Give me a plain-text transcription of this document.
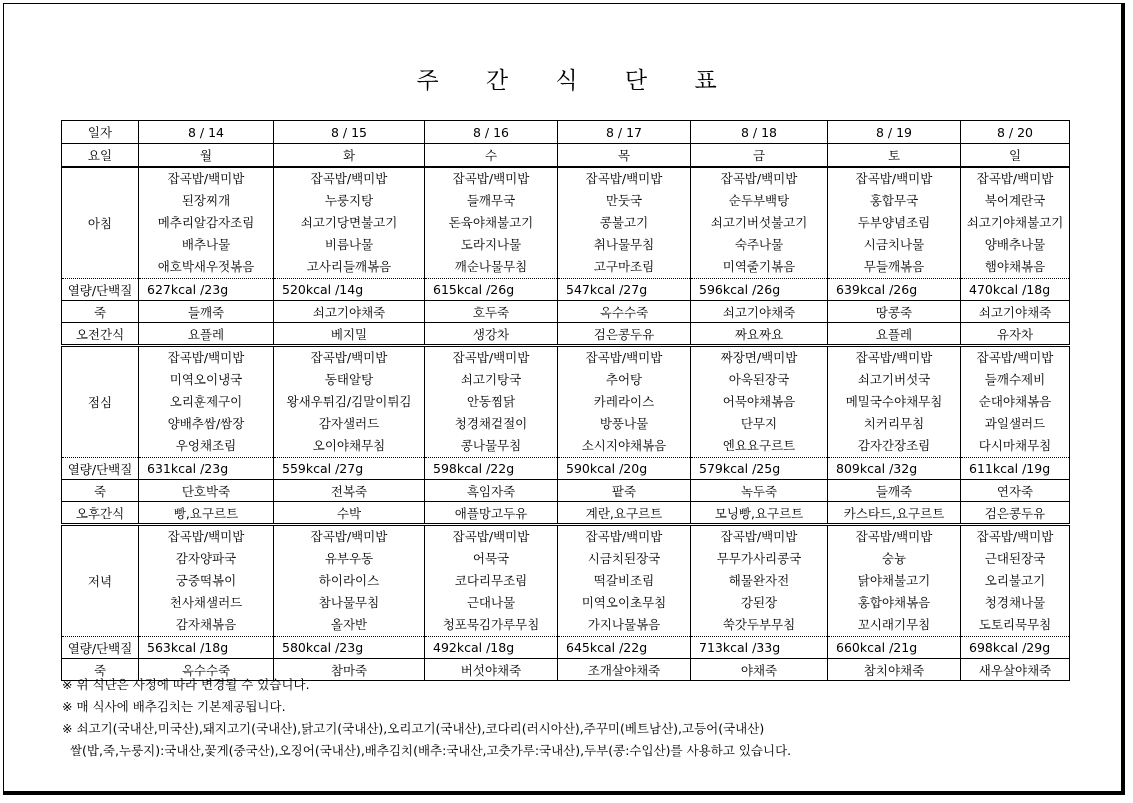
주 간 식 단 표
일자	8 / 14	8 / 15	8 / 16	8 / 17	8 / 18	8 / 19	8 / 20
요일	월	화	수	목	금	토	일
아침	잡곡밥/백미밥	잡곡밥/백미밥	잡곡밥/백미밥	잡곡밥/백미밥	잡곡밥/백미밥	잡곡밥/백미밥	잡곡밥/백미밥
	된장찌개	누룽지탕	들깨무국	만둣국	순두부백탕	홍합무국	북어계란국
	메추리알감자조림	쇠고기당면불고기	돈육야채불고기	콩불고기	쇠고기버섯불고기	두부양념조림	쇠고기야채불고기
	배추나물	비름나물	도라지나물	취나물무침	숙주나물	시금치나물	양배추나물
	애호박새우젓볶음	고사리들깨볶음	깨순나물무침	고구마조림	미역줄기볶음	무들깨볶음	햄야채볶음
열량/단백질	627kcal /23g	520kcal /14g	615kcal /26g	547kcal /27g	596kcal /26g	639kcal /26g	470kcal /18g
죽	들깨죽	쇠고기야채죽	호두죽	옥수수죽	쇠고기야채죽	땅콩죽	쇠고기야채죽
오전간식	요플레	베지밀	생강차	검은콩두유	짜요짜요	요플레	유자차
점심	잡곡밥/백미밥	잡곡밥/백미밥	잡곡밥/백미밥	잡곡밥/백미밥	짜장면/백미밥	잡곡밥/백미밥	잡곡밥/백미밥
	미역오이냉국	동태알탕	쇠고기탕국	추어탕	아욱된장국	쇠고기버섯국	들깨수제비
	오리훈제구이	왕새우튀김/김말이튀김	안동찜닭	카레라이스	어묵야채볶음	메밀국수야채무침	순대야채볶음
	양배추쌈/쌈장	감자샐러드	청경채겉절이	방풍나물	단무지	치커리무침	과일샐러드
	우엉채조림	오이야채무침	콩나물무침	소시지야채볶음	엔요요구르트	감자간장조림	다시마채무침
열량/단백질	631kcal /23g	559kcal /27g	598kcal /22g	590kcal /20g	579kcal /25g	809kcal /32g	611kcal /19g
죽	단호박죽	전복죽	흑임자죽	팥죽	녹두죽	들깨죽	연자죽
오후간식	빵,요구르트	수박	애플망고두유	계란,요구르트	모닝빵,요구르트	카스타드,요구르트	검은콩두유
저녁	잡곡밥/백미밥	잡곡밥/백미밥	잡곡밥/백미밥	잡곡밥/백미밥	잡곡밥/백미밥	잡곡밥/백미밥	잡곡밥/백미밥
	감자양파국	유부우동	어묵국	시금치된장국	무무가사리콩국	숭늉	근대된장국
	궁중떡볶이	하이라이스	코다리무조림	떡갈비조림	해물완자전	닭야채불고기	오리불고기
	천사채샐러드	참나물무침	근대나물	미역오이초무침	강된장	홍합야채볶음	청경채나물
	감자채볶음	올자반	청포묵김가루무침	가지나물볶음	쑥갓두부무침	꼬시래기무침	도토리묵무침
열량/단백질	563kcal /18g	580kcal /23g	492kcal /18g	645kcal /22g	713kcal /33g	660kcal /21g	698kcal /29g
죽	옥수수죽	참마죽	버섯야채죽	조개살야채죽	야채죽	참치야채죽	새우살야채죽
※ 위 식단은 사정에 따라 변경될 수 있습니다.
※ 매 식사에 배추김치는 기본제공됩니다.
※ 쇠고기(국내산,미국산),돼지고기(국내산),닭고기(국내산),오리고기(국내산),코다리(러시아산),주꾸미(베트남산),고등어(국내산)
쌀(밥,죽,누룽지):국내산,꽃게(중국산),오징어(국내산),배추김치(배추:국내산,고춧가루:국내산),두부(콩:수입산)를 사용하고 있습니다.
